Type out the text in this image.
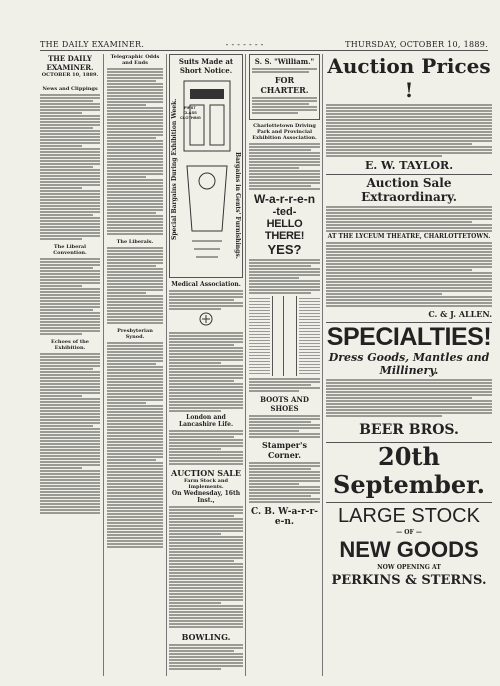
THE DAILY EXAMINER.	- - - - - - -	THURSDAY, OCTOBER 10, 1889.
THE DAILY EXAMINER.
OCTOBER 10, 1889.
News and Clippings
The Liberal Convention.
Echoes of the Exhibition.
Telegraphic Odds and Ends
The Liberals.
Presbyterian Synod.
Suits Made at Short Notice.
Special Bargains During Exhibition Week.	Bargains in Gents' Furnishings.
FIRST CLASS CLOTHING
Medical Association.
London and Lancashire Life.
AUCTION SALE
Farm Stock and Implements.
On Wednesday, 16th Inst.,
BOWLING.
S. S. "William."
FOR CHARTER.
Charlottetown Driving Park and Provincial Exhibition Association.
W-a-r-r-e-n
-ted-
HELLO THERE!
YES?
BOOTS AND SHOES
Stamper's Corner.
C. B. W-a-r-r-e-n.
Auction Prices !
E. W. TAYLOR.
Auction Sale Extraordinary.
AT THE LYCEUM THEATRE, CHARLOTTETOWN.
C. & J. ALLEN.
SPECIALTIES!
Dress Goods, Mantles and Millinery.
BEER BROS.
20th September.
LARGE STOCK
— OF —
NEW GOODS
NOW OPENING AT
PERKINS & STERNS.
